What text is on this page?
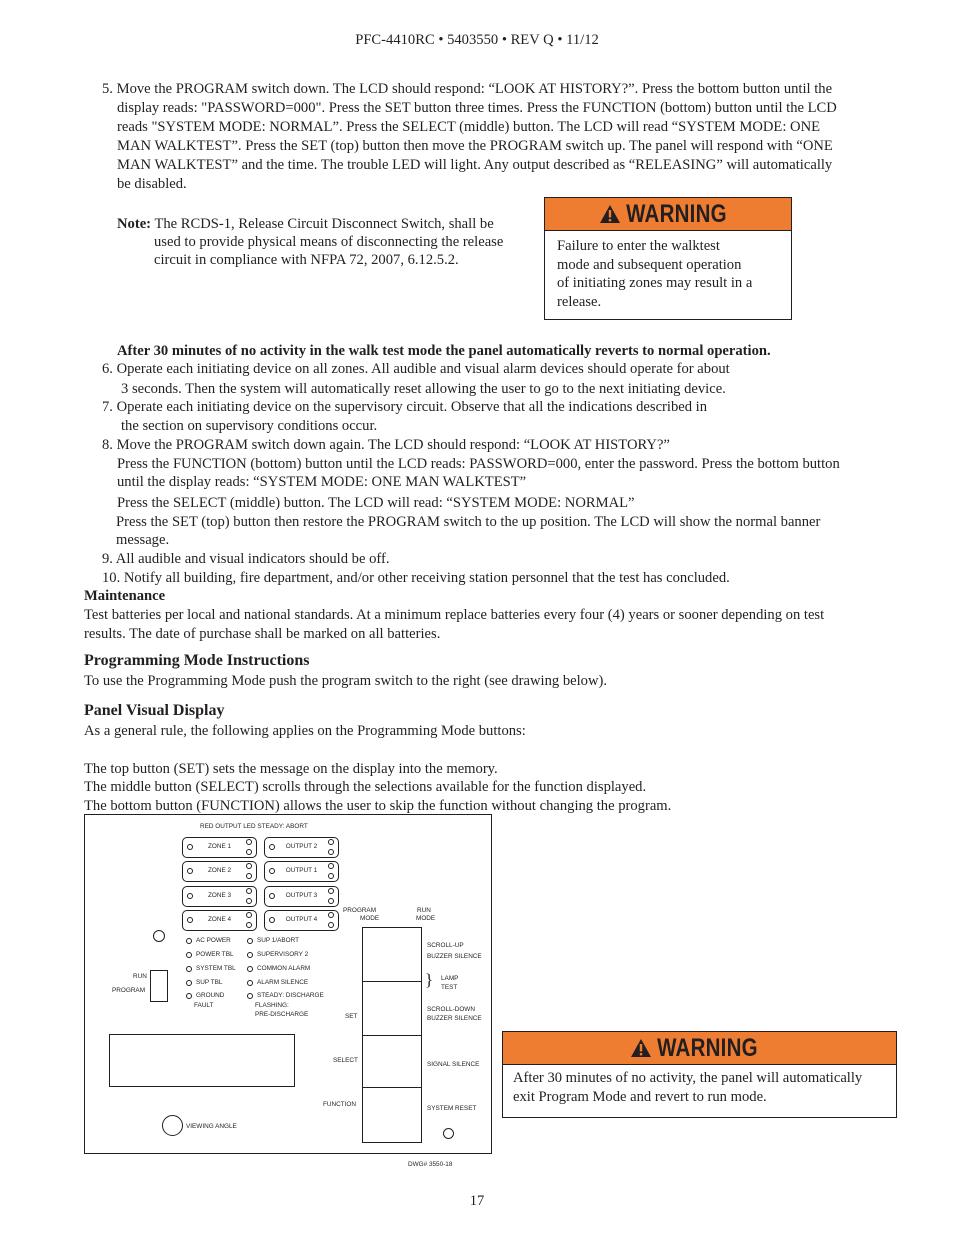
PFC-4410RC • 5403550 • REV Q • 11/12
5. Move the PROGRAM switch down. The LCD should respond: “LOOK AT HISTORY?”. Press the bottom button until the
display reads: "PASSWORD=000". Press the SET button three times. Press the FUNCTION (bottom) button until the LCD
reads "SYSTEM MODE: NORMAL”. Press the SELECT (middle) button. The LCD will read “SYSTEM MODE: ONE
MAN WALKTEST”. Press the SET (top) button then move the PROGRAM switch up. The panel will respond with “ONE
MAN WALKTEST” and the time. The trouble LED will light. Any output described as “RELEASING” will automatically
be disabled.
Note: The RCDS-1, Release Circuit Disconnect Switch, shall be
used to provide physical means of disconnecting the release
circuit in compliance with NFPA 72, 2007, 6.12.5.2.
WARNING
Failure to enter the walktest
mode and subsequent operation
of initiating zones may result in a
release.
After 30 minutes of no activity in the walk test mode the panel automatically reverts to normal operation.
6. Operate each initiating device on all zones. All audible and visual alarm devices should operate for about
3 seconds. Then the system will automatically reset allowing the user to go to the next initiating device.
7. Operate each initiating device on the supervisory circuit. Observe that all the indications described in
the section on supervisory conditions occur.
8. Move the PROGRAM switch down again. The LCD should respond: “LOOK AT HISTORY?”
Press the FUNCTION (bottom) button until the LCD reads: PASSWORD=000, enter the password. Press the bottom button
until the display reads: “SYSTEM MODE: ONE MAN WALKTEST”
Press the SELECT (middle) button. The LCD will read: “SYSTEM MODE: NORMAL”
Press the SET (top) button then restore the PROGRAM switch to the up position. The LCD will show the normal banner
message.
9. All audible and visual indicators should be off.
10. Notify all building, fire department, and/or other receiving station personnel that the test has concluded.
Maintenance
Test batteries per local and national standards. At a minimum replace batteries every four (4) years or sooner depending on test
results. The date of purchase shall be marked on all batteries.
Programming Mode Instructions
To use the Programming Mode push the program switch to the right (see drawing below).
Panel Visual Display
As a general rule, the following applies on the Programming Mode buttons:
The top button (SET) sets the message on the display into the memory.
The middle button (SELECT) scrolls through the selections available for the function displayed.
The bottom button (FUNCTION) allows the user to skip the function without changing the program.
RED OUTPUT LED STEADY: ABORT
ZONE 1
ZONE 2
ZONE 3
ZONE 4
OUTPUT 2
OUTPUT 1
OUTPUT 3
OUTPUT 4
AC POWER
POWER TBL
SYSTEM TBL
SUP TBL
GROUND
FAULT
SUP 1/ABORT
SUPERVISORY 2
COMMON ALARM
ALARM SILENCE
STEADY: DISCHARGE
FLASHING:
PRE-DISCHARGE
RUN
PROGRAM
VIEWING ANGLE
PROGRAM
MODE
RUN
MODE
SET
SELECT
FUNCTION
SCROLL-UP
BUZZER SILENCE
} LAMP
TEST
SCROLL-DOWN
BUZZER SILENCE
SIGNAL SILENCE
SYSTEM RESET
DWG# 3550-18
WARNING
After 30 minutes of no activity, the panel will automatically
exit Program Mode and revert to run mode.
17
